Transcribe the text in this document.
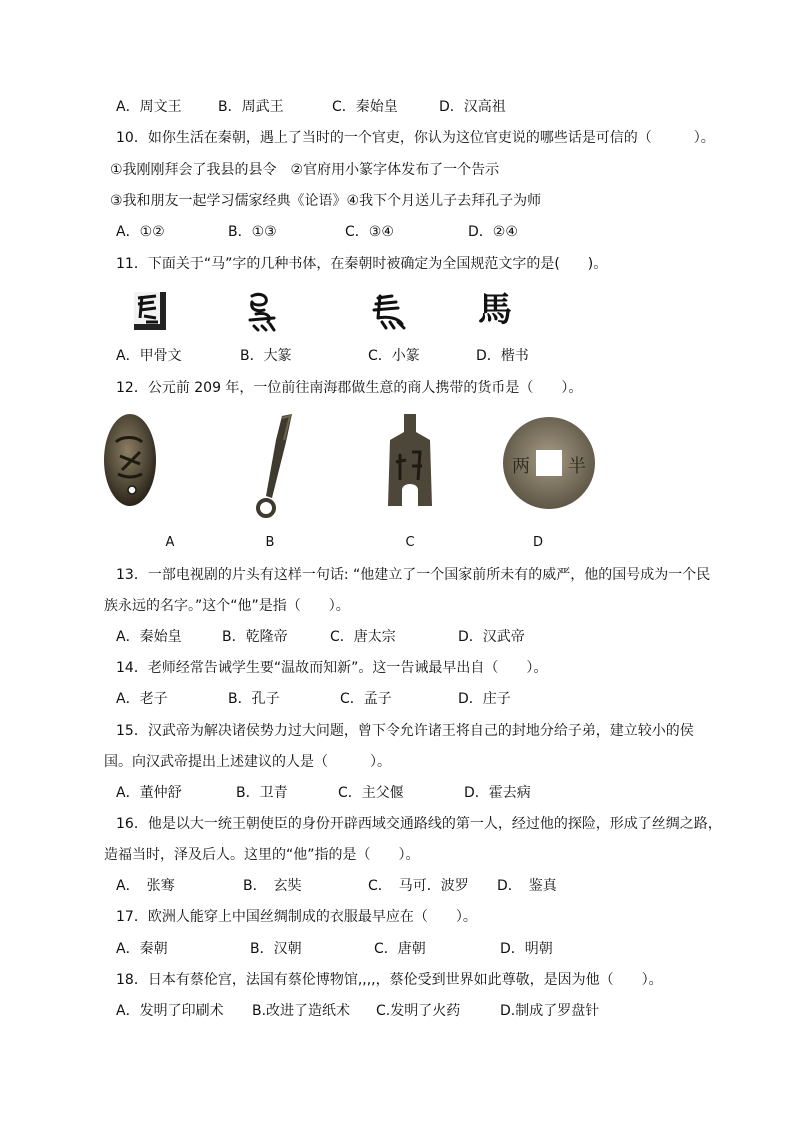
A．周文王	B．周武王	C．秦始皇	D．汉高祖
10．如你生活在秦朝，遇上了当时的一个官吏，你认为这位官吏说的哪些话是可信的（　　　）。
①我刚刚拜会了我县的县令　②官府用小篆字体发布了一个告示
③我和朋友一起学习儒家经典《论语》④我下个月送儿子去拜孔子为师
A．①②	B．①③	C．③④	D．②④
11．下面关于“马”字的几种书体，在秦朝时被确定为全国规范文字的是(　　)。
馬
A．甲骨文	B．大篆	C．小篆	D．楷书
12．公元前 209 年，一位前往南海郡做生意的商人携带的货币是（　　）。
两 半
A	B	C	D
13．一部电视剧的片头有这样一句话: “他建立了一个国家前所未有的威严，他的国号成为一个民
族永远的名字。”这个“他”是指（　　）。
A．秦始皇	B．乾隆帝	C．唐太宗	D．汉武帝
14．老师经常告诫学生要“温故而知新”。这一告诫最早出自（　　）。
A．老子	B．孔子	C．孟子	D．庄子
15．汉武帝为解决诸侯势力过大问题，曾下令允许诸王将自己的封地分给子弟，建立较小的侯
国。向汉武帝提出上述建议的人是（　　　）。
A．董仲舒	B．卫青	C．主父偃	D．霍去病
16．他是以大一统王朝使臣的身份开辟西域交通路线的第一人，经过他的探险，形成了丝绸之路，
造福当时，泽及后人。这里的“他”指的是（　　）。
A．　张骞	B．　玄奘	C．　马可．波罗 D．　鉴真
17．欧洲人能穿上中国丝绸制成的衣服最早应在（　　）。
A．秦朝	B．汉朝	C．唐朝	D．明朝
18．日本有蔡伦宫，法国有蔡伦博物馆,,,,，蔡伦受到世界如此尊敬，是因为他（　　）。
A．发明了印刷术 B.改进了造纸术 C.发明了火药	D.制成了罗盘针
